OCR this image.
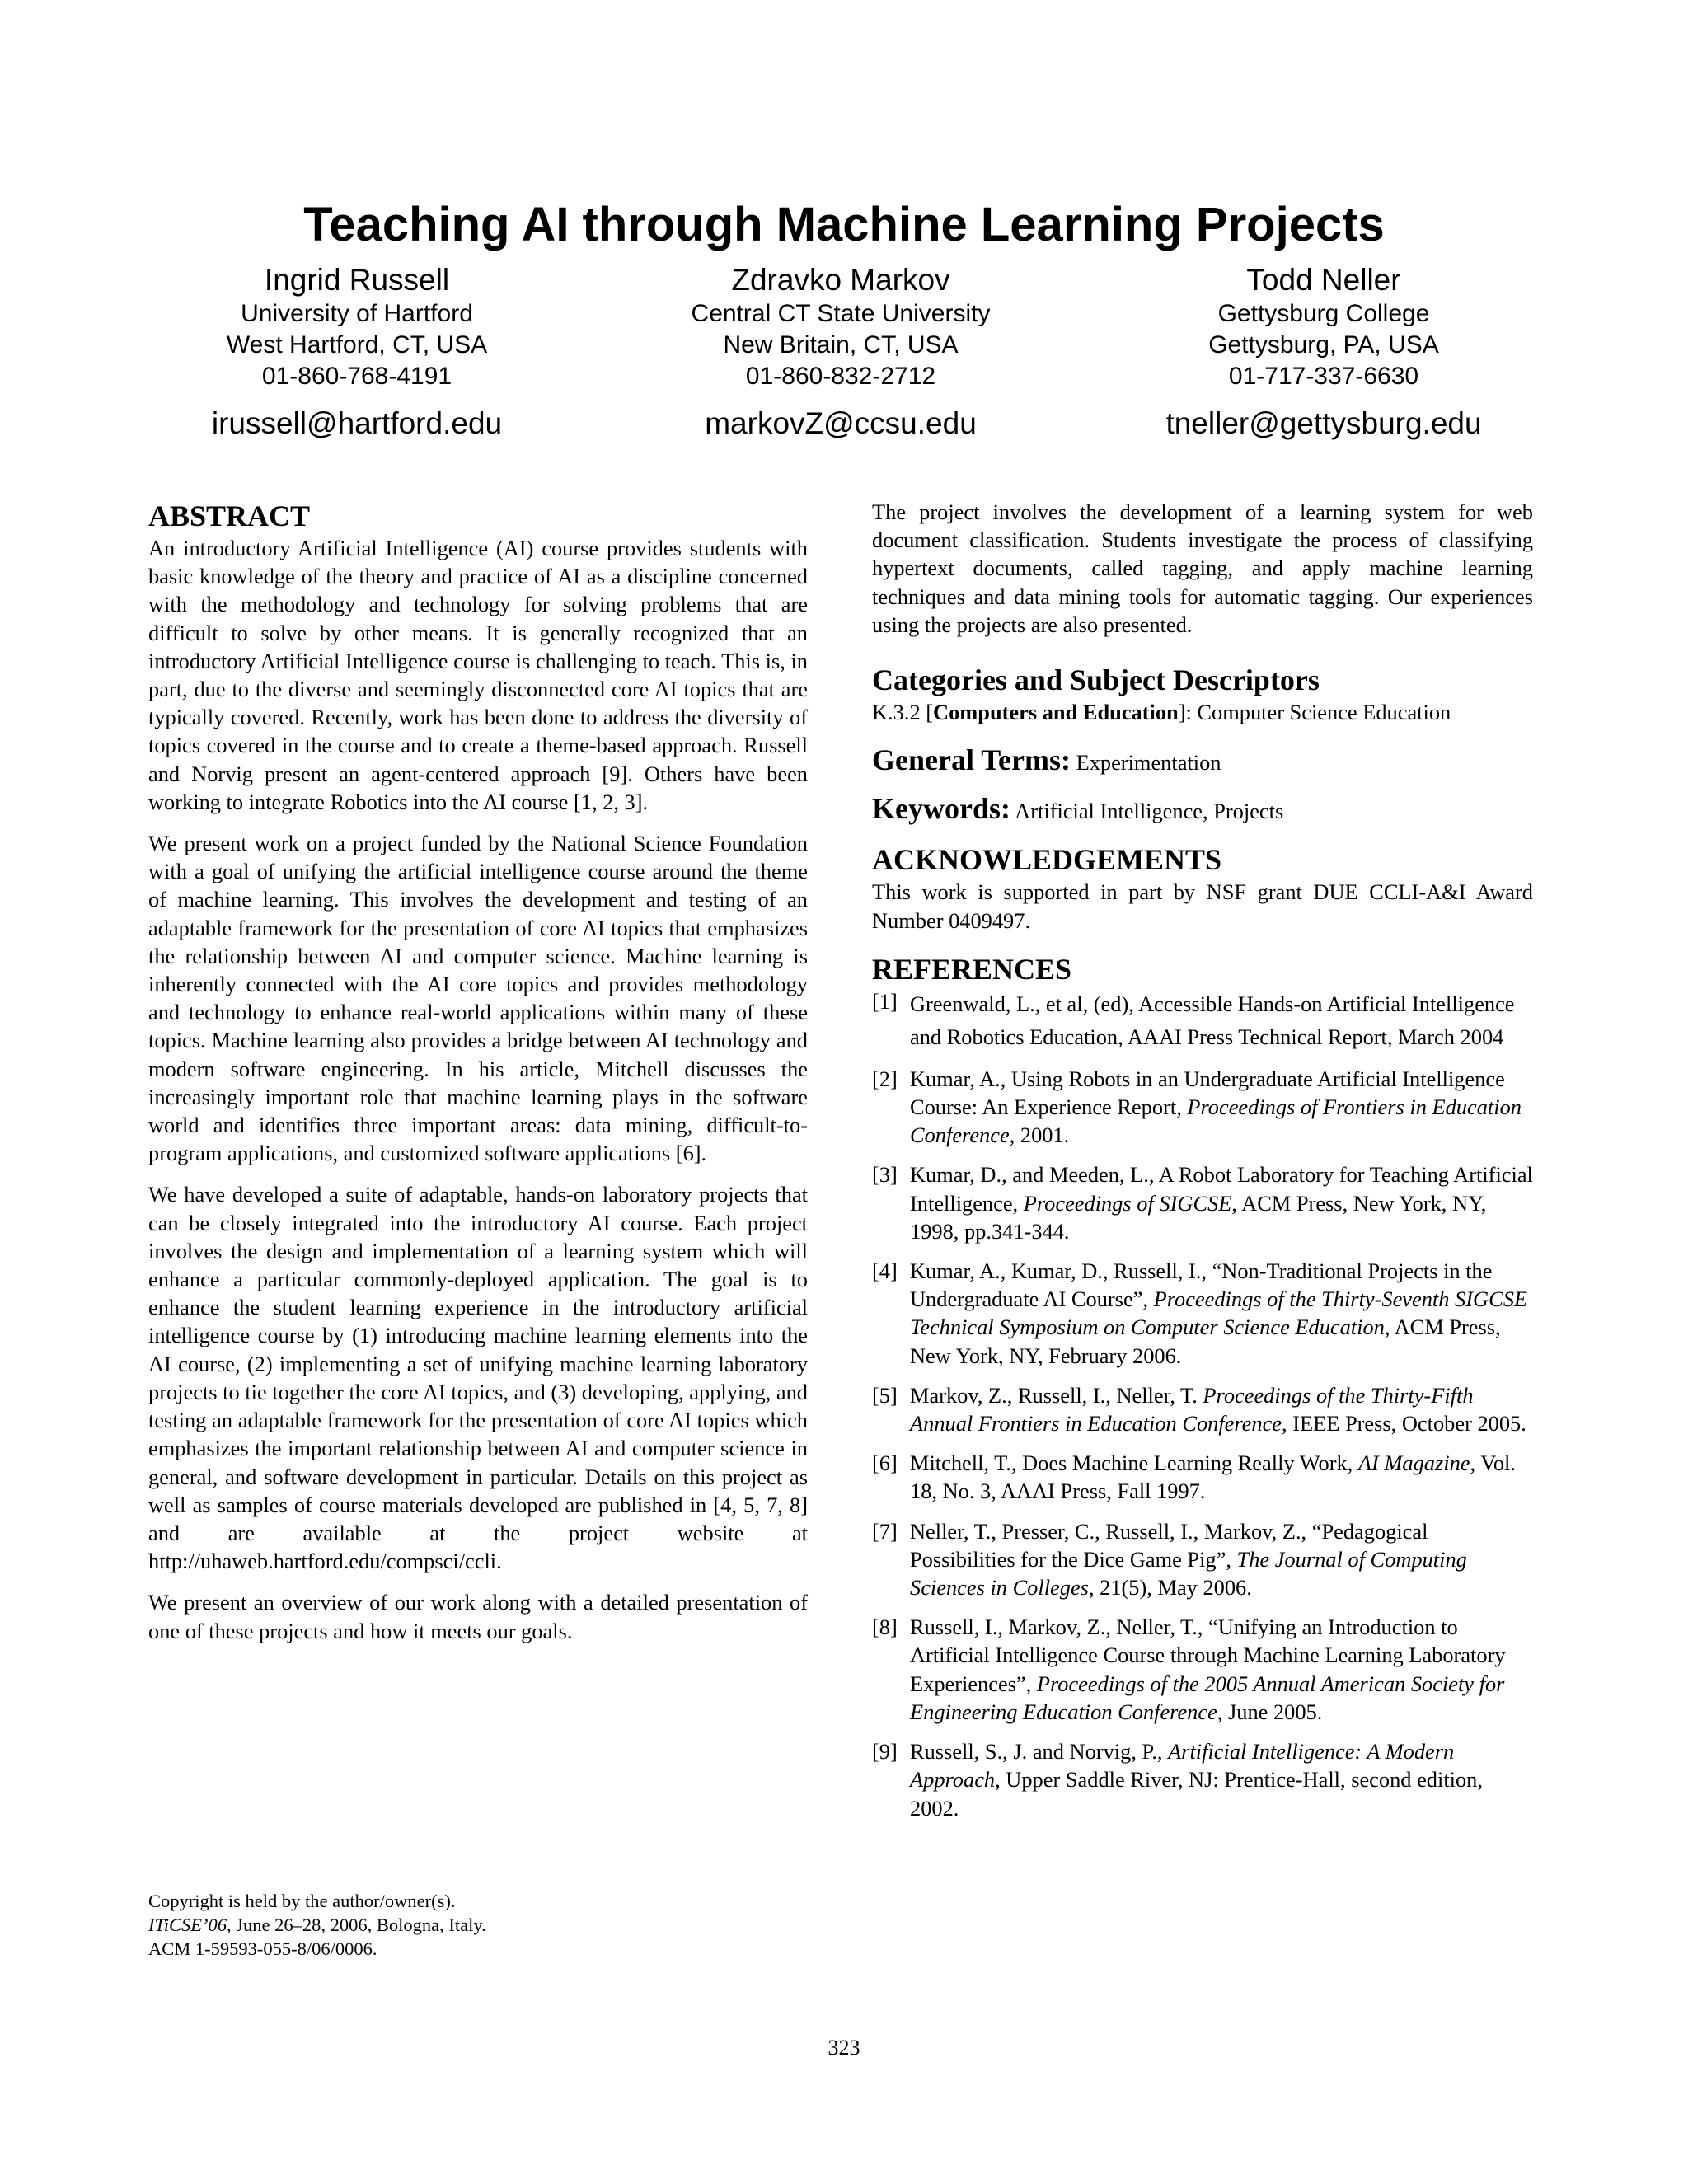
Teaching AI through Machine Learning Projects
Ingrid Russell
University of Hartford
West Hartford, CT, USA
01-860-768-4191
irussell@hartford.edu
Zdravko Markov
Central CT State University
New Britain, CT, USA
01-860-832-2712
markovZ@ccsu.edu
Todd Neller
Gettysburg College
Gettysburg, PA, USA
01-717-337-6630
tneller@gettysburg.edu
ABSTRACT

An introductory Artificial Intelligence (AI) course provides students with basic knowledge of the theory and practice of AI as a discipline concerned with the methodology and technology for solving problems that are difficult to solve by other means. It is generally recognized that an introductory Artificial Intelligence course is challenging to teach. This is, in part, due to the diverse and seemingly disconnected core AI topics that are typically covered. Recently, work has been done to address the diversity of topics covered in the course and to create a theme-based approach. Russell and Norvig present an agent-centered approach [9]. Others have been working to integrate Robotics into the AI course [1, 2, 3].

We present work on a project funded by the National Science Foundation with a goal of unifying the artificial intelligence course around the theme of machine learning. This involves the development and testing of an adaptable framework for the presentation of core AI topics that emphasizes the relationship between AI and computer science. Machine learning is inherently connected with the AI core topics and provides methodology and technology to enhance real-world applications within many of these topics. Machine learning also provides a bridge between AI technology and modern software engineering. In his article, Mitchell discusses the increasingly important role that machine learning plays in the software world and identifies three important areas: data mining, difficult-to-program applications, and customized software applications [6].

We have developed a suite of adaptable, hands-on laboratory projects that can be closely integrated into the introductory AI course. Each project involves the design and implementation of a learning system which will enhance a particular commonly-deployed application. The goal is to enhance the student learning experience in the introductory artificial intelligence course by (1) introducing machine learning elements into the AI course, (2) implementing a set of unifying machine learning laboratory projects to tie together the core AI topics, and (3) developing, applying, and testing an adaptable framework for the presentation of core AI topics which emphasizes the important relationship between AI and computer science in general, and software development in particular. Details on this project as well as samples of course materials developed are published in [4, 5, 7, 8] and are available at the project website at http://uhaweb.hartford.edu/compsci/ccli.

We present an overview of our work along with a detailed presentation of one of these projects and how it meets our goals.

Copyright is held by the author/owner(s).
ITiCSE’06, June 26–28, 2006, Bologna, Italy.
ACM 1-59593-055-8/06/0006.

The project involves the development of a learning system for web document classification. Students investigate the process of classifying hypertext documents, called tagging, and apply machine learning techniques and data mining tools for automatic tagging. Our experiences using the projects are also presented.

Categories and Subject Descriptors
K.3.2 [Computers and Education]: Computer Science Education
General Terms: Experimentation
Keywords: Artificial Intelligence, Projects
ACKNOWLEDGEMENTS

This work is supported in part by NSF grant DUE CCLI-A&I Award Number 0409497.

REFERENCES
[1] Greenwald, L., et al, (ed), Accessible Hands-on Artificial Intelligence and Robotics Education, AAAI Press Technical Report, March 2004
[2] Kumar, A., Using Robots in an Undergraduate Artificial Intelligence Course: An Experience Report, Proceedings of Frontiers in Education Conference, 2001.
[3] Kumar, D., and Meeden, L., A Robot Laboratory for Teaching Artificial Intelligence, Proceedings of SIGCSE, ACM Press, New York, NY, 1998, pp.341-344.
[4] Kumar, A., Kumar, D., Russell, I., “Non-Traditional Projects in the Undergraduate AI Course”, Proceedings of the Thirty-Seventh SIGCSE Technical Symposium on Computer Science Education, ACM Press, New York, NY, February 2006.
[5] Markov, Z., Russell, I., Neller, T. Proceedings of the Thirty-Fifth Annual Frontiers in Education Conference, IEEE Press, October 2005.
[6] Mitchell, T., Does Machine Learning Really Work, AI Magazine, Vol. 18, No. 3, AAAI Press, Fall 1997.
[7] Neller, T., Presser, C., Russell, I., Markov, Z., “Pedagogical Possibilities for the Dice Game Pig”, The Journal of Computing Sciences in Colleges, 21(5), May 2006.
[8] Russell, I., Markov, Z., Neller, T., “Unifying an Introduction to Artificial Intelligence Course through Machine Learning Laboratory Experiences”, Proceedings of the 2005 Annual American Society for Engineering Education Conference, June 2005.
[9] Russell, S., J. and Norvig, P., Artificial Intelligence: A Modern Approach, Upper Saddle River, NJ: Prentice-Hall, second edition, 2002.
323
